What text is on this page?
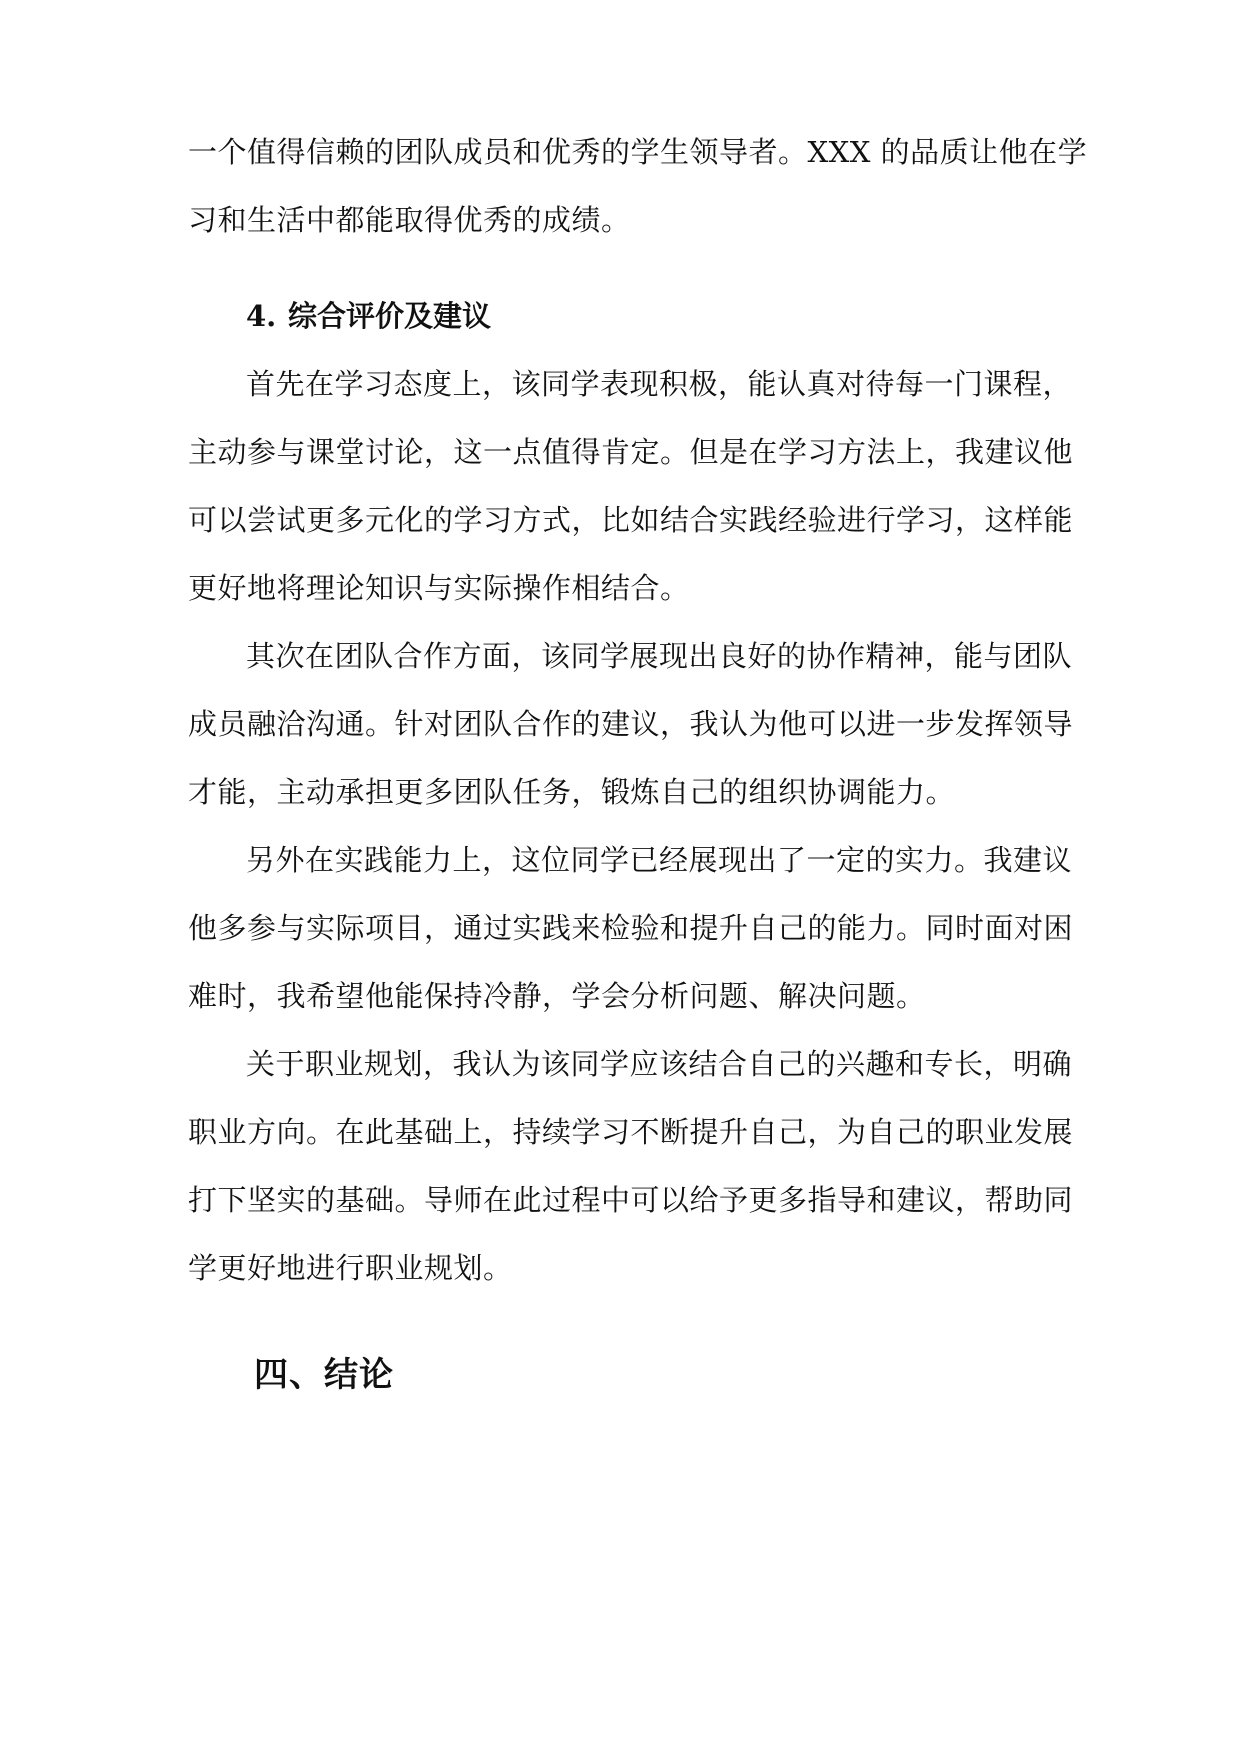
一个值得信赖的团队成员和优秀的学生领导者。XXX 的品质让他在学
习和生活中都能取得优秀的成绩。
4. 综合评价及建议
首先在学习态度上，该同学表现积极，能认真对待每一门课程，
主动参与课堂讨论，这一点值得肯定。但是在学习方法上，我建议他
可以尝试更多元化的学习方式，比如结合实践经验进行学习，这样能
更好地将理论知识与实际操作相结合。
其次在团队合作方面，该同学展现出良好的协作精神，能与团队
成员融洽沟通。针对团队合作的建议，我认为他可以进一步发挥领导
才能，主动承担更多团队任务，锻炼自己的组织协调能力。
另外在实践能力上，这位同学已经展现出了一定的实力。我建议
他多参与实际项目，通过实践来检验和提升自己的能力。同时面对困
难时，我希望他能保持冷静，学会分析问题、解决问题。
关于职业规划，我认为该同学应该结合自己的兴趣和专长，明确
职业方向。在此基础上，持续学习不断提升自己，为自己的职业发展
打下坚实的基础。导师在此过程中可以给予更多指导和建议，帮助同
学更好地进行职业规划。
四、结论
